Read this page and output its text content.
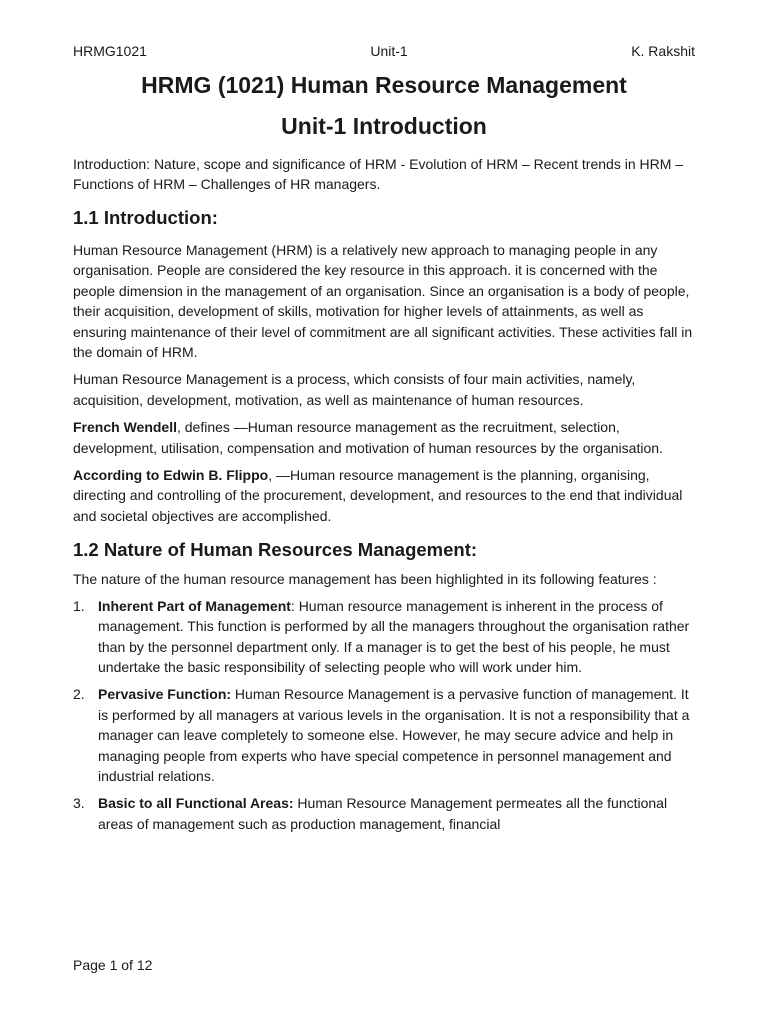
HRMG1021	Unit-1	K. Rakshit
HRMG (1021) Human Resource Management
Unit-1 Introduction
Introduction: Nature, scope and significance of HRM - Evolution of HRM – Recent trends in HRM – Functions of HRM – Challenges of HR managers.
1.1 Introduction:

Human Resource Management (HRM) is a relatively new approach to managing people in any organisation. People are considered the key resource in this approach. it is concerned with the people dimension in the management of an organisation. Since an organisation is a body of people, their acquisition, development of skills, motivation for higher levels of attainments, as well as ensuring maintenance of their level of commitment are all significant activities. These activities fall in the domain of HRM.

Human Resource Management is a process, which consists of four main activities, namely, acquisition, development, motivation, as well as maintenance of human resources.

French Wendell, defines —Human resource management as the recruitment, selection, development, utilisation, compensation and motivation of human resources by the organisation.

According to Edwin B. Flippo, —Human resource management is the planning, organising, directing and controlling of the procurement, development, and resources to the end that individual and societal objectives are accomplished.

1.2 Nature of Human Resources Management:

The nature of the human resource management has been highlighted in its following features :

1. Inherent Part of Management: Human resource management is inherent in the process of management. This function is performed by all the managers throughout the organisation rather than by the personnel department only. If a manager is to get the best of his people, he must undertake the basic responsibility of selecting people who will work under him.
2. Pervasive Function: Human Resource Management is a pervasive function of management. It is performed by all managers at various levels in the organisation. It is not a responsibility that a manager can leave completely to someone else. However, he may secure advice and help in managing people from experts who have special competence in personnel management and industrial relations.
3. Basic to all Functional Areas: Human Resource Management permeates all the functional areas of management such as production management, financial
Page 1 of 12
